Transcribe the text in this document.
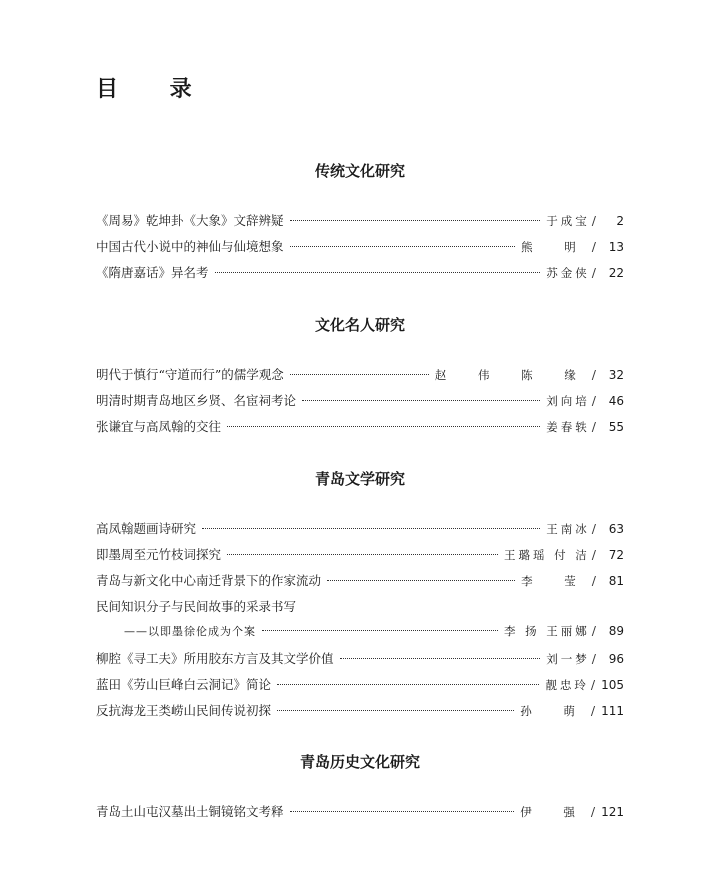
目 录
传统文化研究
《周易》乾坤卦《大象》文辞辨疑	于成宝 /	2
中国古代小说中的神仙与仙境想象	熊 明 /	13
《隋唐嘉话》异名考	苏金侠 /	22
文化名人研究
明代于慎行“守道而行”的儒学观念	赵 伟 陈 缘 /	32
明清时期青岛地区乡贤、名宦祠考论	刘向培 /	46
张谦宜与高凤翰的交往	姜春轶 /	55
青岛文学研究
高凤翰题画诗研究	王南冰 /	63
即墨周至元竹枝词探究	王璐瑶 付 洁 /	72
青岛与新文化中心南迁背景下的作家流动	李 莹 /	81
民间知识分子与民间故事的采录书写
——以即墨徐伦成为个案	李 扬 王丽娜 /	89
柳腔《寻工夫》所用胶东方言及其文学价值	刘一梦 /	96
蓝田《劳山巨峰白云洞记》简论	靓忠玲 / 105
反抗海龙王类崂山民间传说初探	孙 萌 / 111
青岛历史文化研究
青岛土山屯汉墓出土铜镜铭文考释	伊 强 / 121
